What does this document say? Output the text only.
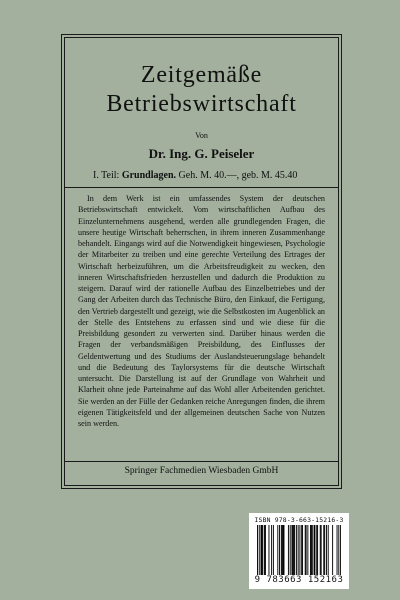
Zeitgemäße
Betriebswirtschaft
Von
Dr. Ing. G. Peiseler
I. Teil: Grundlagen. Geh. M. 40.—, geb. M. 45.40
In dem Werk ist ein umfassendes System der deutschen Betriebswirtschaft entwickelt. Vom wirtschaftlichen Aufbau des Einzelunternehmens ausgehend, werden alle grundlegenden Fragen, die unsere heutige Wirtschaft beherrschen, in ihrem inneren Zusammenhange behandelt. Eingangs wird auf die Notwendigkeit hingewiesen, Psychologie der Mitarbeiter zu treiben und eine gerechte Verteilung des Ertrages der Wirtschaft herbeizuführen, um die Arbeitsfreudigkeit zu wecken, den inneren Wirtschaftsfrieden herzustellen und dadurch die Produktion zu steigern. Darauf wird der rationelle Aufbau des Einzelbetriebes und der Gang der Arbeiten durch das Technische Büro, den Einkauf, die Fertigung, den Vertrieb dargestellt und gezeigt, wie die Selbstkosten im Augenblick an der Stelle des Entstehens zu erfassen sind und wie diese für die Preisbildung gesondert zu verwerten sind. Darüber hinaus werden die Fragen der verbandsmäßigen Preisbildung, des Einflusses der Geldentwertung und des Studiums der Auslandsteuerungslage behandelt und die Bedeutung des Taylorsystems für die deutsche Wirtschaft untersucht. Die Darstellung ist auf der Grundlage von Wahrheit und Klarheit ohne jede Parteinahme auf das Wohl aller Arbeitenden gerichtet. Sie werden an der Fülle der Gedanken reiche Anregungen finden, die ihrem eigenen Tätigkeitsfeld und der allgemeinen deutschen Sache von Nutzen sein werden.
Springer Fachmedien Wiesbaden GmbH
ISBN 978-3-663-15216-3
9 783663 152163
